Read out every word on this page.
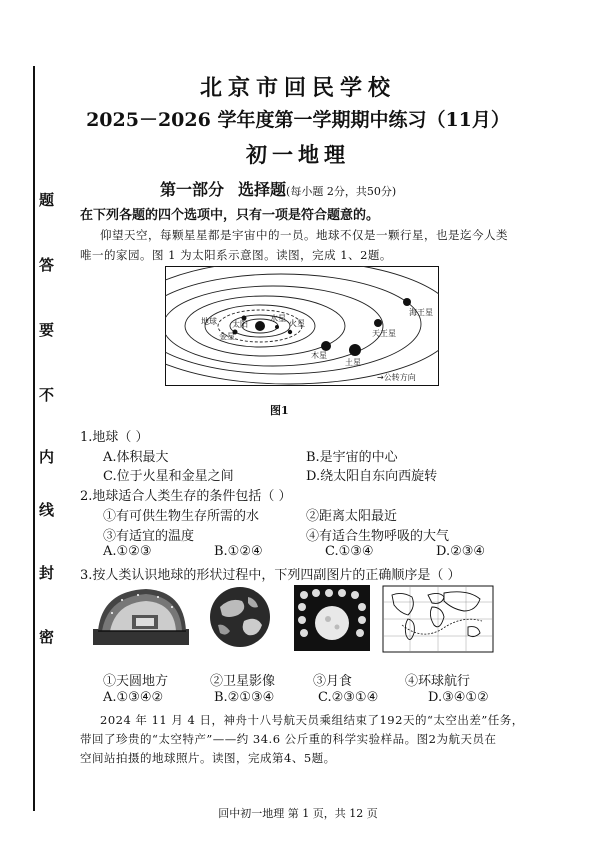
题
答
要
不
内
线
封
密
北京市回民学校
2025－2026 学年度第一学期期中练习（11月）
初一地理
第一部分 选择题(每小题 2分，共50分)
在下列各题的四个选项中，只有一项是符合题意的。
仰望天空，每颗星星都是宇宙中的一员。地球不仅是一颗行星，也是迄今人类
唯一的家园。图 1 为太阳系示意图。读图，完成 1、2题。
水星
金星
地球 太阳	火星
木星
土星
天王星
海王星
→公转方向
图1
1.地球（ ）
A.体积最大	B.是宇宙的中心
C.位于火星和金星之间	D.绕太阳自东向西旋转
2.地球适合人类生存的条件包括（ ）
①有可供生物生存所需的水	②距离太阳最近
③有适宜的温度	④有适合生物呼吸的大气
A.①②③	B.①②④	C.①③④	D.②③④
3.按人类认识地球的形状过程中，下列四副图片的正确顺序是（ ）
①天圆地方	②卫星影像	③月食	④环球航行
A.①③④②	B.②①③④	C.②③①④	D.③④①②
2024 年 11 月 4 日，神舟十八号航天员乘组结束了192天的“太空出差”任务，
带回了珍贵的“太空特产”——约 34.6 公斤重的科学实验样品。图2为航天员在
空间站拍摄的地球照片。读图，完成第4、5题。
回中初一地理 第 1 页，共 12 页
